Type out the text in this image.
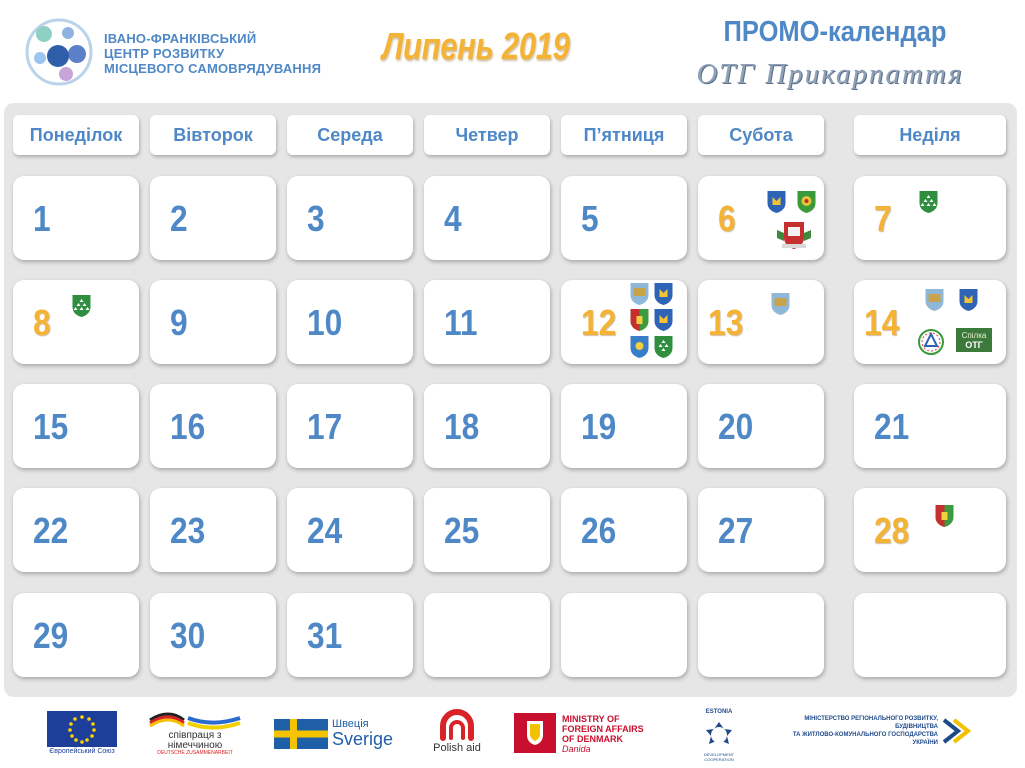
ІВАНО-ФРАНКІВСЬКИЙ
ЦЕНТР РОЗВИТКУ
МІСЦЕВОГО САМОВРЯДУВАННЯ
Липень 2019	ПРОМО-календар
ОТГ Прикарпаття
Понеділок	Вівторок	Середа	Четвер	П’ятниця	Субота	Неділя
1	2	3	4	5	6	7
8	9	10	11	12	13	14	Спілка
ОТГ
15	16	17	18	19	20	21
22	23	24	25	26	27	28
29	30	31
Європейський Союз
співпраця з
німеччиною
DEUTSCHE ZUSAMMENARBEIT
Швеція
Sverige	Polish aid
MINISTRY OF
FOREIGN AFFAIRS
OF DENMARK
Danida
ESTONIA
DEVELOPMENT COOPERATION
МІНІСТЕРСТВО РЕГІОНАЛЬНОГО РОЗВИТКУ,
БУДІВНИЦТВА
ТА ЖИТЛОВО-КОМУНАЛЬНОГО ГОСПОДАРСТВА
УКРАЇНИ
